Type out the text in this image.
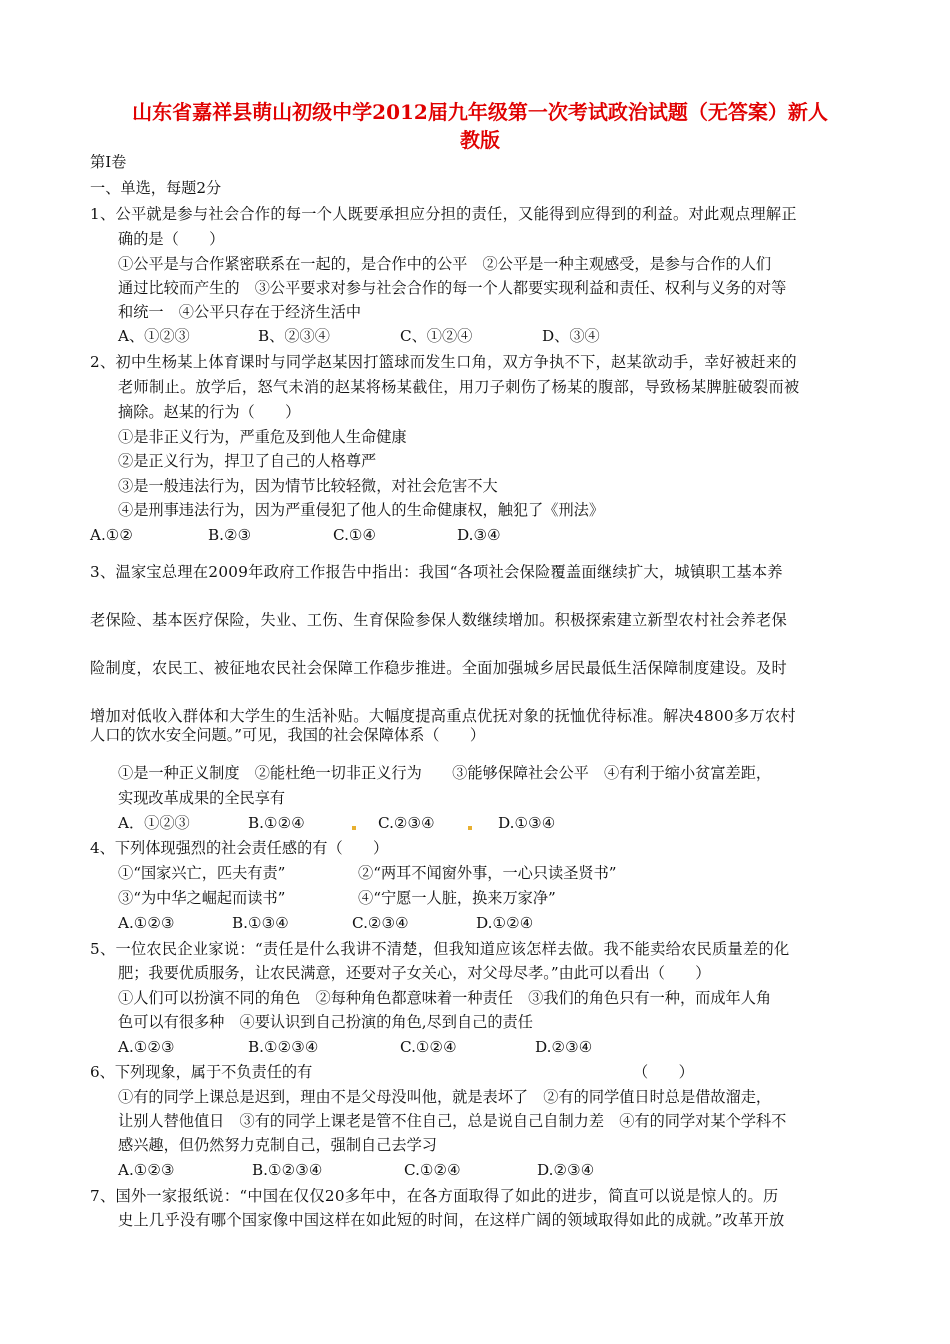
山东省嘉祥县萌山初级中学2012届九年级第一次考试政治试题（无答案）新人
教版
第Ⅰ卷
一、单选，每题2分
1、公平就是参与社会合作的每一个人既要承担应分担的责任，又能得到应得到的利益。对此观点理解正
确的是（　　）
①公平是与合作紧密联系在一起的，是合作中的公平　②公平是一种主观感受，是参与合作的人们
通过比较而产生的　③公平要求对参与社会合作的每一个人都要实现利益和责任、权利与义务的对等
和统一　④公平只存在于经济生活中
A、①②③	B、②③④	C、①②④	D、③④
2、初中生杨某上体育课时与同学赵某因打篮球而发生口角，双方争执不下，赵某欲动手，幸好被赶来的
老师制止。放学后，怒气未消的赵某将杨某截住，用刀子刺伤了杨某的腹部，导致杨某脾脏破裂而被
摘除。赵某的行为（　　）
①是非正义行为，严重危及到他人生命健康
②是正义行为，捍卫了自己的人格尊严
③是一般违法行为，因为情节比较轻微，对社会危害不大
④是刑事违法行为，因为严重侵犯了他人的生命健康权，触犯了《刑法》
A.①②	B.②③	C.①④	D.③④
3、温家宝总理在2009年政府工作报告中指出：我国“各项社会保险覆盖面继续扩大，城镇职工基本养
老保险、基本医疗保险，失业、工伤、生育保险参保人数继续增加。积极探索建立新型农村社会养老保
险制度，农民工、被征地农民社会保障工作稳步推进。全面加强城乡居民最低生活保障制度建设。及时
增加对低收入群体和大学生的生活补贴。大幅度提高重点优抚对象的抚恤优待标准。解决4800多万农村
人口的饮水安全问题。”可见，我国的社会保障体系（　　）
①是一种正义制度　②能杜绝一切非正义行为　　③能够保障社会公平　④有利于缩小贫富差距，
实现改革成果的全民享有
A．①②③	B.①②④	C.②③④	D.①③④
4、下列体现强烈的社会责任感的有（　　）
①“国家兴亡，匹夫有责”	②“两耳不闻窗外事，一心只读圣贤书”
③“为中华之崛起而读书”	④“宁愿一人脏，换来万家净”
A.①②③	B.①③④	C.②③④	D.①②④
5、一位农民企业家说：“责任是什么我讲不清楚，但我知道应该怎样去做。我不能卖给农民质量差的化
肥；我要优质服务，让农民满意，还要对子女关心，对父母尽孝。”由此可以看出（　　）
①人们可以扮演不同的角色　②每种角色都意味着一种责任　③我们的角色只有一种，而成年人角
色可以有很多种　④要认识到自己扮演的角色,尽到自己的责任
A.①②③	B.①②③④	C.①②④	D.②③④
6、下列现象，属于不负责任的有	（　　）
①有的同学上课总是迟到，理由不是父母没叫他，就是表坏了　②有的同学值日时总是借故溜走，
让别人替他值日　③有的同学上课老是管不住自己，总是说自己自制力差　④有的同学对某个学科不
感兴趣，但仍然努力克制自己，强制自己去学习
A.①②③	B.①②③④	C.①②④	D.②③④
7、国外一家报纸说：“中国在仅仅20多年中，在各方面取得了如此的进步，简直可以说是惊人的。历
史上几乎没有哪个国家像中国这样在如此短的时间，在这样广阔的领域取得如此的成就。”改革开放
